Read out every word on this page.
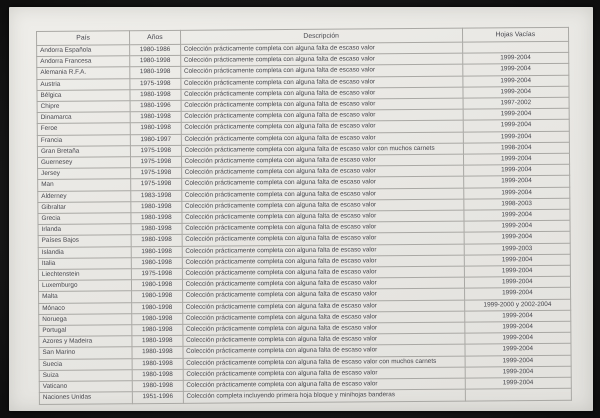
País	Años	Descripción	Hojas Vacías
Andorra Española	1980-1986	Colección prácticamente completa con alguna falta de escaso valor	
Andorra Francesa	1980-1998	Colección prácticamente completa con alguna falta de escaso valor	1999-2004
Alemania R.F.A.	1980-1998	Colección prácticamente completa con alguna falta de escaso valor	1999-2004
Austria	1975-1998	Colección prácticamente completa con alguna falta de escaso valor	1999-2004
Bélgica	1980-1998	Colección prácticamente completa con alguna falta de escaso valor	1999-2004
Chipre	1980-1996	Colección prácticamente completa con alguna falta de escaso valor	1997-2002
Dinamarca	1980-1998	Colección prácticamente completa con alguna falta de escaso valor	1999-2004
Feroe	1980-1998	Colección prácticamente completa con alguna falta de escaso valor	1999-2004
Francia	1980-1997	Colección prácticamente completa con alguna falta de escaso valor	1999-2004
Gran Bretaña	1975-1998	Colección prácticamente completa con alguna falta de escaso valor con muchos carnets	1998-2004
Guernesey	1975-1998	Colección prácticamente completa con alguna falta de escaso valor	1999-2004
Jersey	1975-1998	Colección prácticamente completa con alguna falta de escaso valor	1999-2004
Man	1975-1998	Colección prácticamente completa con alguna falta de escaso valor	1999-2004
Alderney	1983-1998	Colección prácticamente completa con alguna falta de escaso valor	1999-2004
Gibraltar	1980-1998	Colección prácticamente completa con alguna falta de escaso valor	1998-2003
Grecia	1980-1998	Colección prácticamente completa con alguna falta de escaso valor	1999-2004
Irlanda	1980-1998	Colección prácticamente completa con alguna falta de escaso valor	1999-2004
Países Bajos	1980-1998	Colección prácticamente completa con alguna falta de escaso valor	1999-2004
Islandia	1980-1998	Colección prácticamente completa con alguna falta de escaso valor	1999-2003
Italia	1980-1998	Colección prácticamente completa con alguna falta de escaso valor	1999-2004
Liechtenstein	1975-1998	Colección prácticamente completa con alguna falta de escaso valor	1999-2004
Luxemburgo	1980-1998	Colección prácticamente completa con alguna falta de escaso valor	1999-2004
Malta	1980-1998	Colección prácticamente completa con alguna falta de escaso valor	1999-2004
Mónaco	1980-1998	Colección prácticamente completa con alguna falta de escaso valor	1999-2000 y 2002-2004
Noruega	1980-1998	Colección prácticamente completa con alguna falta de escaso valor	1999-2004
Portugal	1980-1998	Colección prácticamente completa con alguna falta de escaso valor	1999-2004
Azores y Madeira	1980-1998	Colección prácticamente completa con alguna falta de escaso valor	1999-2004
San Marino	1980-1998	Colección prácticamente completa con alguna falta de escaso valor	1999-2004
Suecia	1980-1998	Colección prácticamente completa con alguna falta de escaso valor con muchos carnets	1999-2004
Suiza	1980-1998	Colección prácticamente completa con alguna falta de escaso valor	1999-2004
Vaticano	1980-1998	Colección prácticamente completa con alguna falta de escaso valor	1999-2004
Naciones Unidas	1951-1996	Colección completa incluyendo primera hoja bloque y minihojas banderas	
